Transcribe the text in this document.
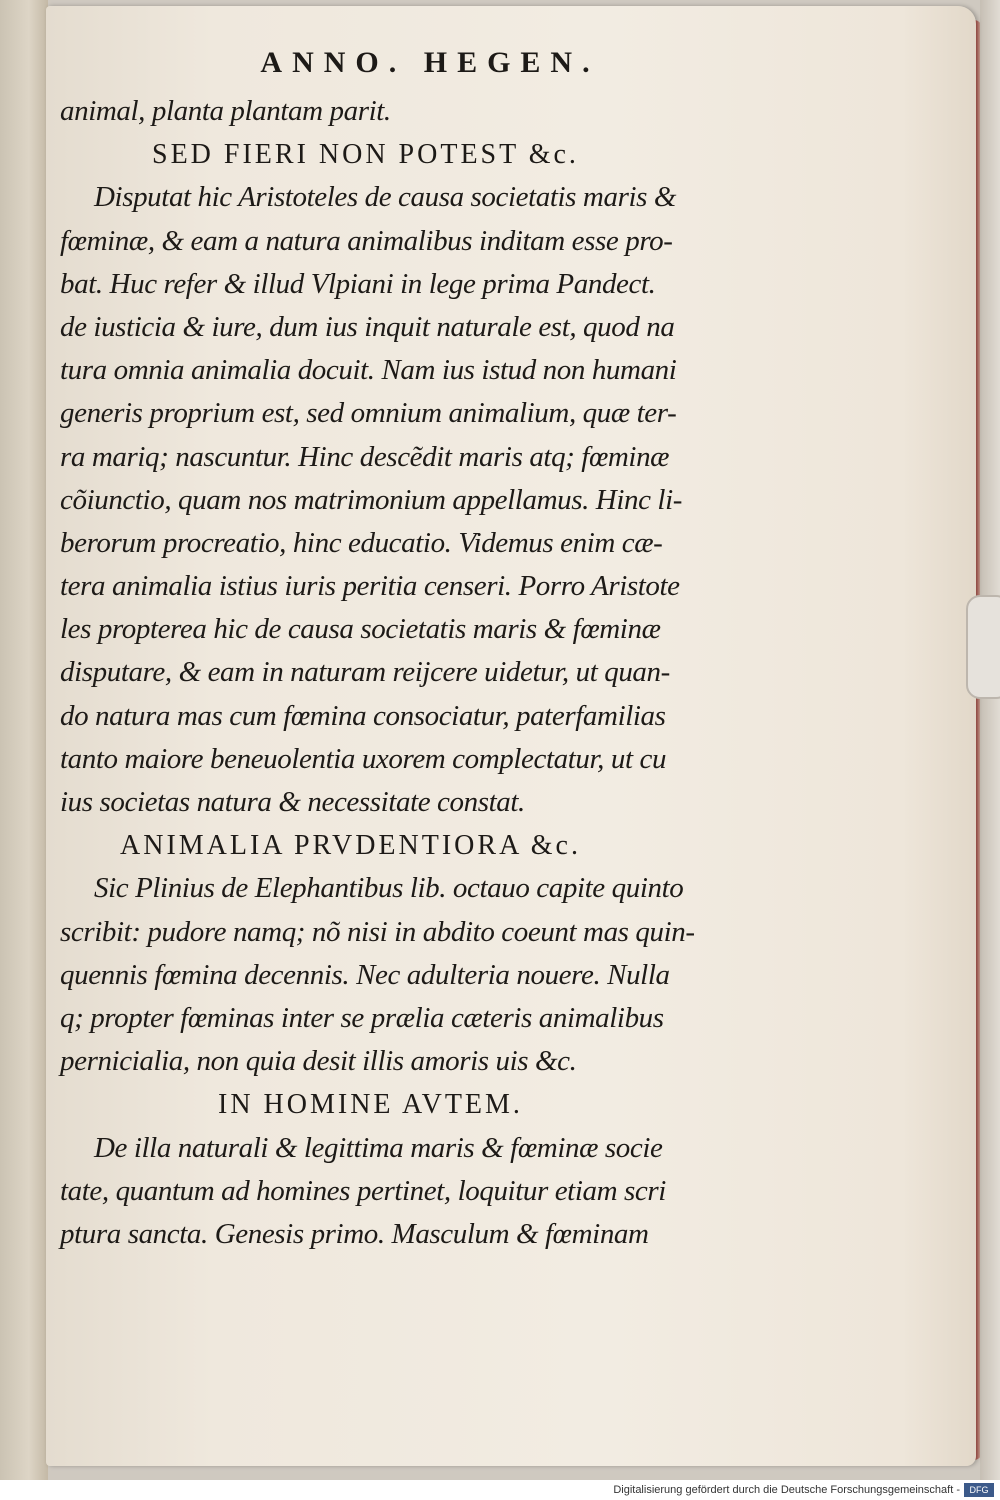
ANNO. HEGEN.
animal, planta plantam parit.
SED FIERI NON POTEST &c.
Disputat hic Aristoteles de causa societatis maris &
fœminæ, & eam a natura animalibus inditam esse pro-
bat. Huc refer & illud Vlpiani in lege prima Pandect.
de iusticia & iure, dum ius inquit naturale est, quod na
tura omnia animalia docuit. Nam ius istud non humani
generis proprium est, sed omnium animalium, quæ ter-
ra mariq; nascuntur. Hinc descẽdit maris atq; fœminæ
cõiunctio, quam nos matrimonium appellamus. Hinc li-
berorum procreatio, hinc educatio. Videmus enim cæ-
tera animalia istius iuris peritia censeri. Porro Aristote
les propterea hic de causa societatis maris & fœminæ
disputare, & eam in naturam reijcere uidetur, ut quan-
do natura mas cum fœmina consociatur, paterfamilias
tanto maiore beneuolentia uxorem complectatur, ut cu
ius societas natura & necessitate constat.
ANIMALIA PRVDENTIORA &c.
Sic Plinius de Elephantibus lib. octauo capite quinto
scribit: pudore namq; nõ nisi in abdito coeunt mas quin-
quennis fœmina decennis. Nec adulteria nouere. Nulla
q; propter fœminas inter se prælia cæteris animalibus
pernicialia, non quia desit illis amoris uis &c.
IN HOMINE AVTEM.
De illa naturali & legittima maris & fœminæ socie
tate, quantum ad homines pertinet, loquitur etiam scri
ptura sancta. Genesis primo. Masculum & fœminam
Digitalisierung gefördert durch die Deutsche Forschungsgemeinschaft -	DFG
